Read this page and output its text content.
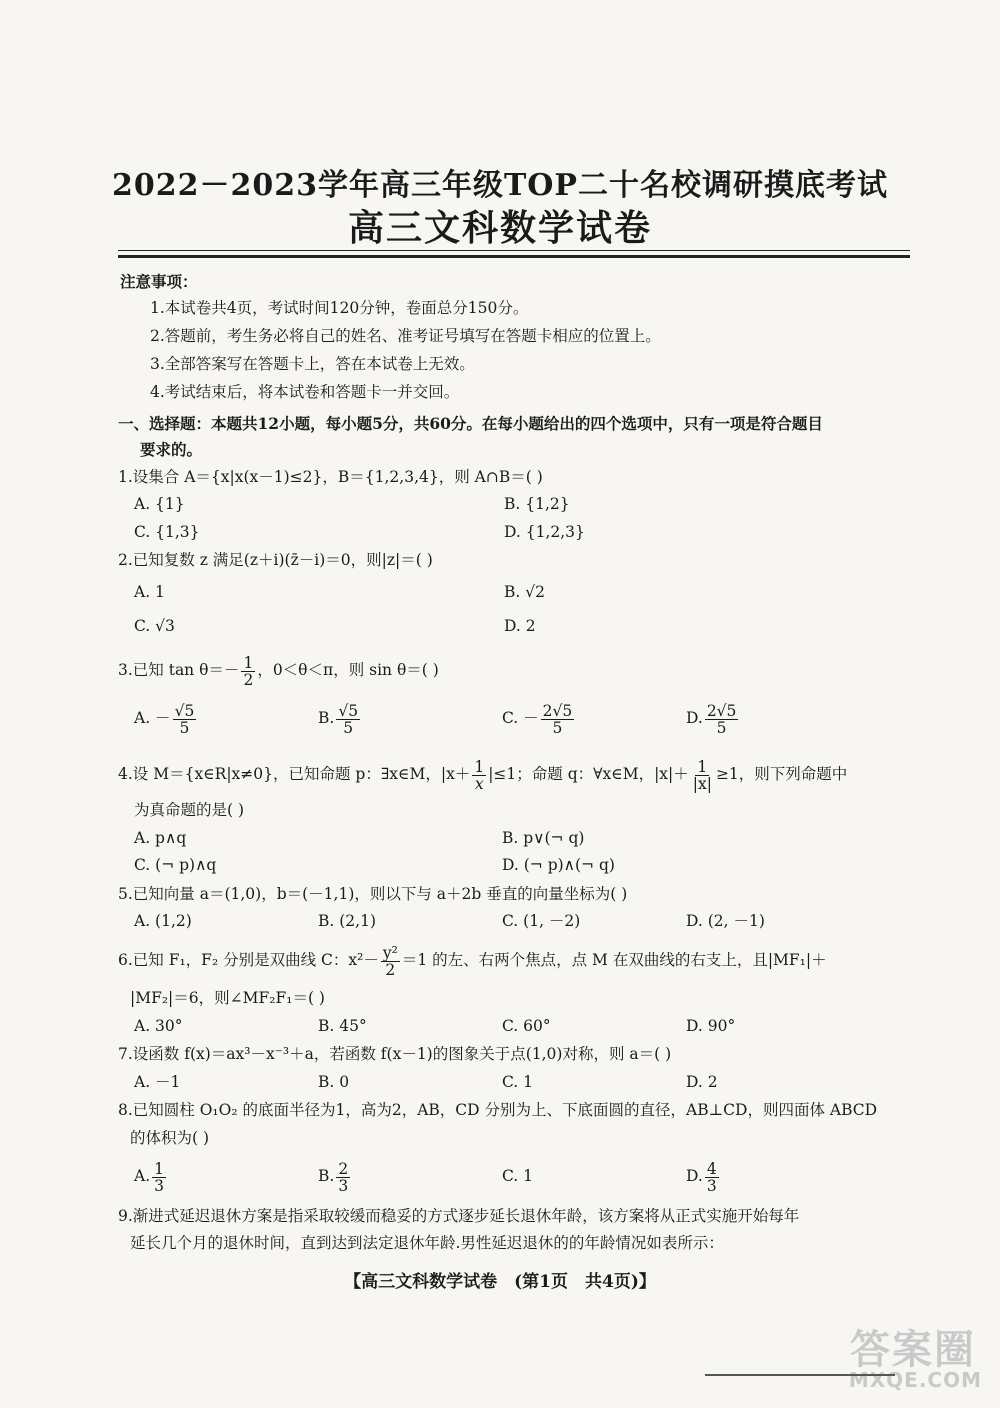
2022－2023学年高三年级TOP二十名校调研摸底考试
高三文科数学试卷
注意事项：
1.本试卷共4页，考试时间120分钟，卷面总分150分。
2.答题前，考生务必将自己的姓名、准考证号填写在答题卡相应的位置上。
3.全部答案写在答题卡上，答在本试卷上无效。
4.考试结束后，将本试卷和答题卡一并交回。
一、选择题：本题共12小题，每小题5分，共60分。在每小题给出的四个选项中，只有一项是符合题目
要求的。
1.设集合 A＝{x|x(x－1)≤2}，B＝{1,2,3,4}，则 A∩B＝( )
A. {1}	B. {1,2}
C. {1,3}	D. {1,2,3}
2.已知复数 z 满足(z＋i)(z̄－i)＝0，则|z|＝( )
A. 1	B. √2
C. √3	D. 2
3.已知 $\tan \theta=- \frac{1}{2}$ ，0＜θ＜π，则 sin θ＝( )
A. － $\frac{√5}{5}$	B. $\frac{√5}{5}$	C. － $\frac{2√5}{5}$	D. $\frac{2√5}{5}$
4.设 M＝{x∈R|x≠0}，已知命题 p：∃x∈M，$|x+ \frac{1}{x} |\le 1$；命题 q：∀x∈M，$|x|+ \frac{1}{|x|} \ge 1$，则下列命题中
为真命题的是( )
A. p∧q	B. p∨(¬ q)
C. (¬ p)∧q	D. (¬ p)∧(¬ q)
5.已知向量 a＝(1,0)，b＝(－1,1)，则以下与 a＋2b 垂直的向量坐标为( )
A. (1,2)	B. (2,1)	C. (1, －2)	D. (2, －1)
6.已知 F₁，F₂ 分别是双曲线 C：$x^2- \frac{\text{y²}}{2} =1$ 的左、右两个焦点，点 M 在双曲线的右支上，且|MF₁|＋
|MF₂|＝6，则∠MF₂F₁＝( )
A. 30°	B. 45°	C. 60°	D. 90°
7.设函数 f(x)＝ax³－x⁻³＋a，若函数 f(x－1)的图象关于点(1,0)对称，则 a＝( )
A. －1	B. 0	C. 1	D. 2
8.已知圆柱 O₁O₂ 的底面半径为1，高为2，AB，CD 分别为上、下底面圆的直径，AB⊥CD，则四面体 ABCD
的体积为( )
A. $\frac{1}{3}$	B. $\frac{2}{3}$	C. 1	D. $\frac{4}{3}$
9.渐进式延迟退休方案是指采取较缓而稳妥的方式逐步延长退休年龄，该方案将从正式实施开始每年
延长几个月的退休时间，直到达到法定退休年龄.男性延迟退休的的年龄情况如表所示：
【高三文科数学试卷　(第1页　共4页)】
答案圈
MXQE.COM
